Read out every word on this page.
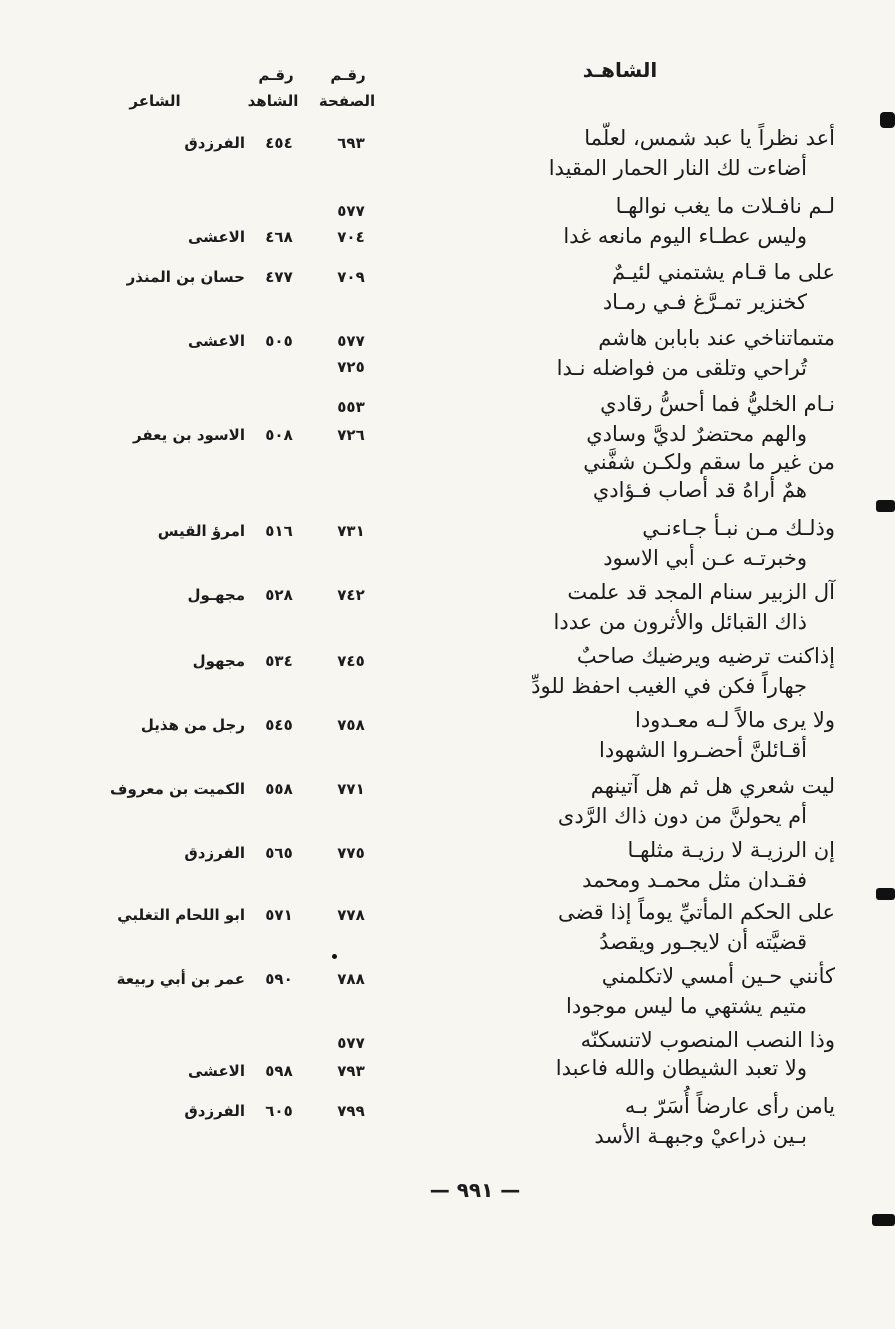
الشاهـد
رقـم
الصفحة
رقـم
الشاهد
الشاعر
أعد نظراً يا عبد شمس، لعلّما
أضاءت لك النار الحمار المقيدا
٦٩٣
٤٥٤
الفرزدق
لـم نافـلات ما يغب نوالهـا
وليس عطـاء اليوم مانعه غدا
٥٧٧
٧٠٤
٤٦٨
الاعشى
على ما قـام يشتمني لئيـمٌ
كخنزير تمـرَّغ فـي رمـاد
٧٠٩
٤٧٧
حسان بن المنذر
متىماتناخي عند بابابن هاشم
تُراحي وتلقى من فواضله نـدا
٥٧٧
٧٢٥
٥٠٥
الاعشى
نـام الخليُّ فما أحسُّ رقادي
والهم محتضرٌ لديَّ وسادي
من غير ما سقم ولكـن شفَّني
همٌ أراهُ قد أصاب فـؤادي
٥٥٣
٧٢٦
٥٠٨
الاسود بن يعفر
وذلـك مـن نبـأ جـاءنـي
وخبرتـه عـن أبي الاسود
٧٣١
٥١٦
امرؤ القيس
آل الزبير سنام المجد قد علمت
ذاك القبائل والأثرون من عددا
٧٤٢
٥٢٨
مجهـول
إذاكنت ترضيه ويرضيك صاحبٌ
جهاراً فكن في الغيب احفظ للودِّ
٧٤٥
٥٣٤
مجهول
ولا يرى مالاً لـه معـدودا
أقـائلنَّ أحضـروا الشهودا
٧٥٨
٥٤٥
رجل من هذيل
ليت شعري هل ثم هل آتينهم
أم يحولنَّ من دون ذاك الرَّدى
٧٧١
٥٥٨
الكميت بن معروف
إن الرزيـة لا رزيـة مثلهـا
فقـدان مثل محمـد ومحمد
٧٧٥
٥٦٥
الفرزدق
على الحكم المأتيِّ يوماً إذا قضى
قضيَّته أن لايجـور ويقصدُ
٧٧٨
٥٧١
ابو اللحام التغلبي
كأنني حـين أمسي لاتكلمني
متيم يشتهي ما ليس موجودا
٧٨٨
٥٩٠
عمر بن أبي ربيعة
وذا النصب المنصوب لاتنسكنّه
ولا تعبد الشيطان والله فاعبدا
٥٧٧
٧٩٣
٥٩٨
الاعشى
يامن رأى عارضاً أُسَرّ بـه
بـين ذراعيْ وجبهـة الأسد
٧٩٩
٦٠٥
الفرزدق
— ٩٩١ —
